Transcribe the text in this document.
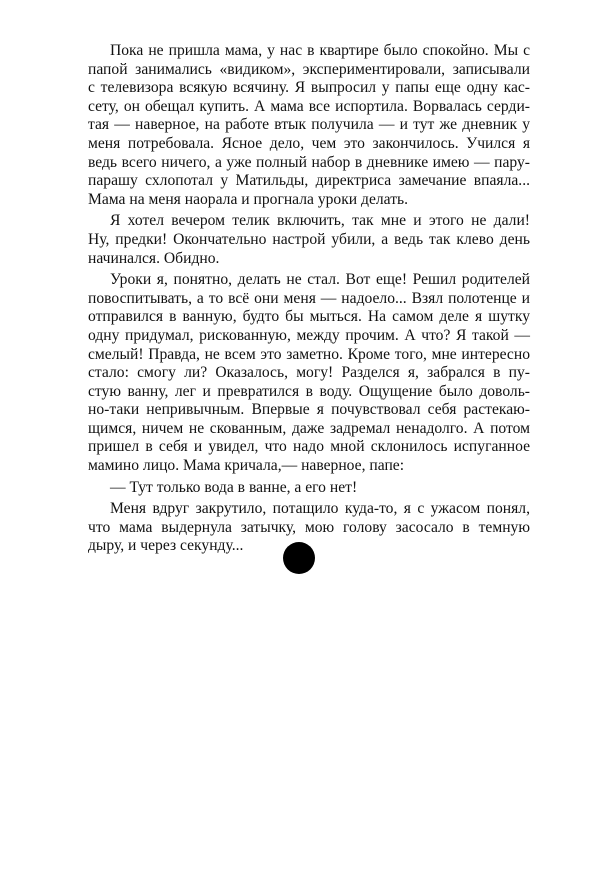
Пока не пришла мама, у нас в квартире было спокойно. Мы с
папой занимались «видиком», экспериментировали, записывали
с телевизора всякую всячину. Я выпросил у папы еще одну кас-
сету, он обещал купить. А мама все испортила. Ворвалась серди-
тая — наверное, на работе втык получила — и тут же дневник у
меня потребовала. Ясное дело, чем это закончилось. Учился я
ведь всего ничего, а уже полный набор в дневнике имею — пару-
парашу схлопотал у Матильды, директриса замечание впаяла...
Мама на меня наорала и прогнала уроки делать.
Я хотел вечером телик включить, так мне и этого не дали!
Ну, предки! Окончательно настрой убили, а ведь так клево день
начинался. Обидно.
Уроки я, понятно, делать не стал. Вот еще! Решил родителей
повоспитывать, а то всё они меня — надоело... Взял полотенце и
отправился в ванную, будто бы мыться. На самом деле я шутку
одну придумал, рискованную, между прочим. А что? Я такой —
смелый! Правда, не всем это заметно. Кроме того, мне интересно
стало: смогу ли? Оказалось, могу! Разделся я, забрался в пу-
стую ванну, лег и превратился в воду. Ощущение было доволь-
но-таки непривычным. Впервые я почувствовал себя растекаю-
щимся, ничем не скованным, даже задремал ненадолго. А потом
пришел в себя и увидел, что надо мной склонилось испуганное
мамино лицо. Мама кричала,— наверное, папе:
— Тут только вода в ванне, а его нет!
Меня вдруг закрутило, потащило куда-то, я с ужасом понял,
что мама выдернула затычку, мою голову засосало в темную
дыру, и через секунду...
